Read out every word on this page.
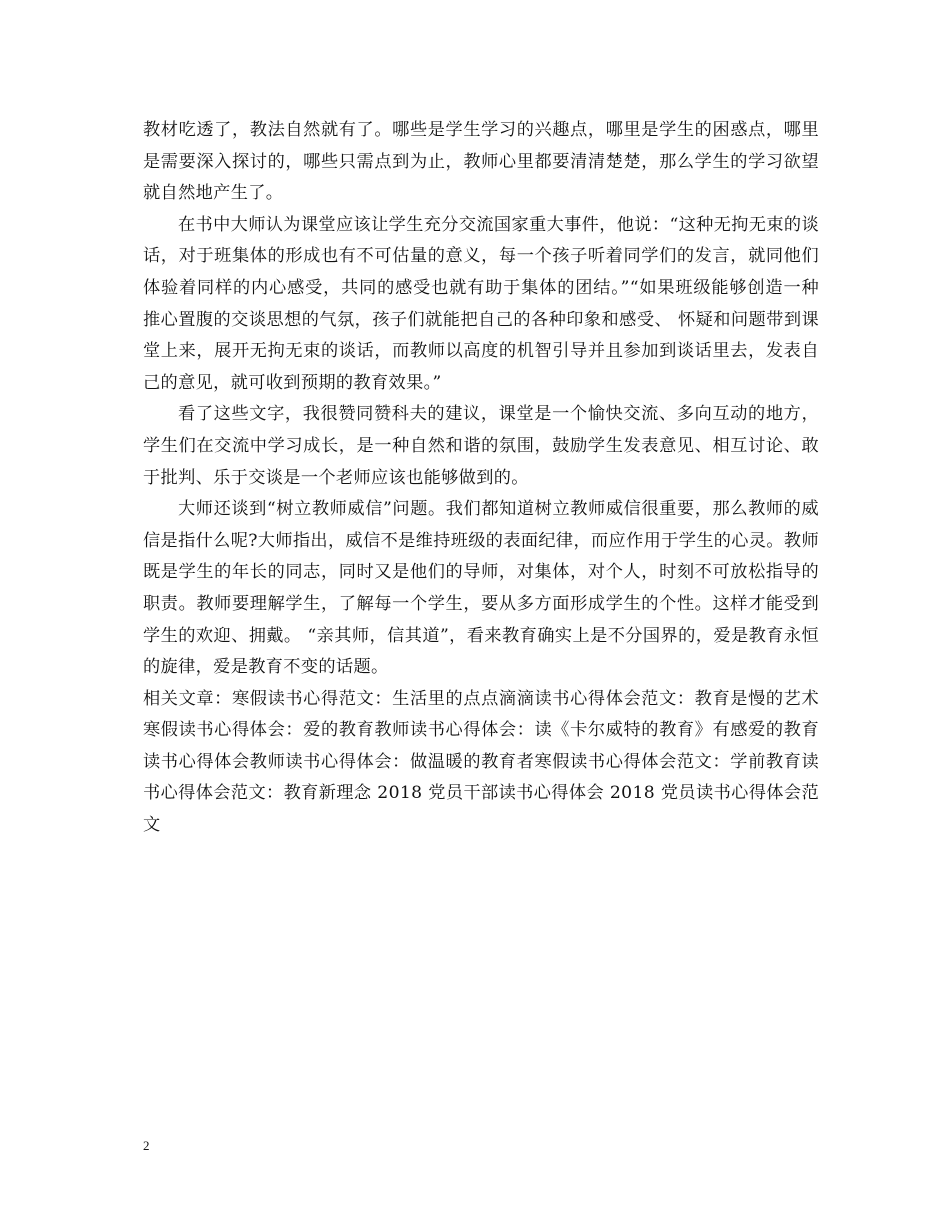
教材吃透了，教法自然就有了。哪些是学生学习的兴趣点，哪里是学生的困惑点，哪里是需要深入探讨的，哪些只需点到为止，教师心里都要清清楚楚，那么学生的学习欲望就自然地产生了。

在书中大师认为课堂应该让学生充分交流国家重大事件，他说：“这种无拘无束的谈话，对于班集体的形成也有不可估量的意义，每一个孩子听着同学们的发言，就同他们体验着同样的内心感受，共同的感受也就有助于集体的团结。”“如果班级能够创造一种推心置腹的交谈思想的气氛，孩子们就能把自己的各种印象和感受、 怀疑和问题带到课堂上来，展开无拘无束的谈话，而教师以高度的机智引导并且参加到谈话里去，发表自己的意见，就可收到预期的教育效果。”

看了这些文字，我很赞同赞科夫的建议，课堂是一个愉快交流、多向互动的地方，学生们在交流中学习成长，是一种自然和谐的氛围，鼓励学生发表意见、相互讨论、敢于批判、乐于交谈是一个老师应该也能够做到的。

大师还谈到“树立教师威信”问题。我们都知道树立教师威信很重要，那么教师的威信是指什么呢?大师指出，威信不是维持班级的表面纪律，而应作用于学生的心灵。教师既是学生的年长的同志，同时又是他们的导师，对集体，对个人，时刻不可放松指导的职责。教师要理解学生，了解每一个学生，要从多方面形成学生的个性。这样才能受到学生的欢迎、拥戴。 “亲其师，信其道”，看来教育确实上是不分国界的，爱是教育永恒的旋律，爱是教育不变的话题。

相关文章：寒假读书心得范文：生活里的点点滴滴读书心得体会范文：教育是慢的艺术寒假读书心得体会：爱的教育教师读书心得体会：读《卡尔威特的教育》有感爱的教育读书心得体会教师读书心得体会：做温暖的教育者寒假读书心得体会范文：学前教育读书心得体会范文：教育新理念 2018 党员干部读书心得体会 2018 党员读书心得体会范文

2
